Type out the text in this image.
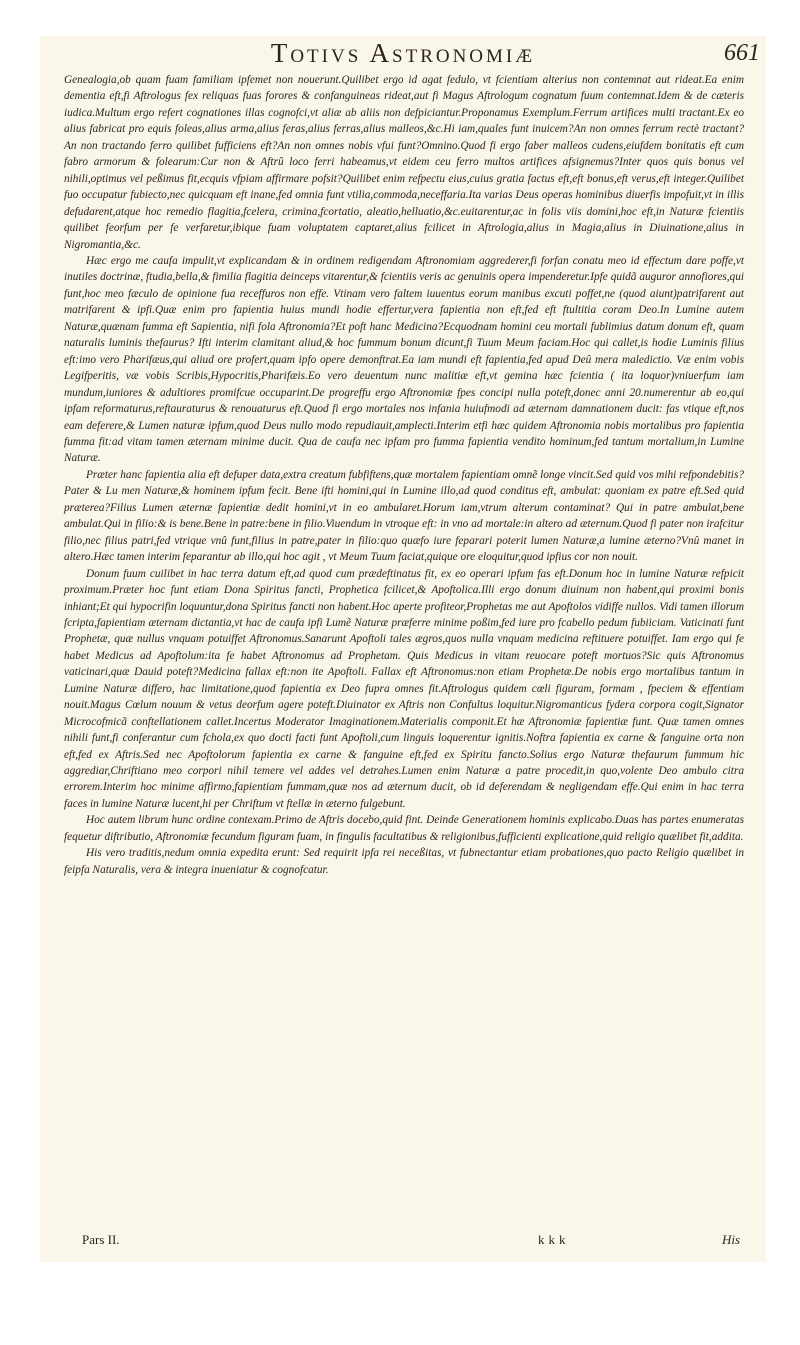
Totivs Astronomiæ	661

Genealogia,ob quam fuam familiam ipfemet non nouerunt.Quilibet ergo id agat fedulo, vt fcientiam alterius non contemnat aut rideat.Ea enim dementia eft,fi Aftrologus fex reliquas fuas forores & confanguineas rideat,aut fi Magus Aftrologum cognatum fuum contemnat.Idem & de cæteris iudica.Multum ergo refert cognationes illas cognofci,vt aliæ ab aliis non defpiciantur.Proponamus Exemplum.Ferrum artifices multi tractant.Ex eo alius fabricat pro equis foleas,alius arma,alius feras,alius ferras,alius malleos,&c.Hi iam,quales funt inuicem?An non omnes ferrum rectè tractant?An non tractando ferro quilibet fufficiens eft?An non omnes nobis vfui funt?Omnino.Quod fi ergo faber malleos cudens,eiufdem bonitatis eft cum fabro armorum & folearum:Cur non & Aftrû loco ferri habeamus,vt eidem ceu ferro multos artifices afsignemus?Inter quos quis bonus vel nihili,optimus vel peßimus fit,ecquis vfpiam affirmare pofsit?Quilibet enim refpectu eius,cuius gratia factus eft,eft bonus,eft verus,eft integer.Quilibet fuo occupatur fubiecto,nec quicquam eft inane,fed omnia funt vtilia,commoda,neceffaria.Ita varias Deus operas hominibus diuerfis impofuit,vt in illis defudarent,atque hoc remedio flagitia,fcelera, crimina,fcortatio, aleatio,helluatio,&c.euitarentur,ac in folis viis domini,hoc eft,in Naturæ fcientiis quilibet feorfum per fe verfaretur,ibique fuam voluptatem captaret,alius fcilicet in Aftrologia,alius in Magia,alius in Diuinatione,alius in Nigromantia,&c.

Hæc ergo me caufa impulit,vt explicandam & in ordinem redigendam Aftronomiam aggrederer,fi forfan conatu meo id effectum dare poffe,vt inutiles doctrinæ, ftudia,bella,& fimilia flagitia deinceps vitarentur,& fcientiis veris ac genuinis opera impenderetur.Ipfe quidã auguror annofiores,qui funt,hoc meo fæculo de opinione fua receffuros non effe. Vtinam vero faltem iuuentus eorum manibus excuti poffet,ne (quod aiunt)patrifarent aut matrifarent & ipfi.Quæ enim pro fapientia huius mundi hodie effertur,vera fapientia non eft,fed eft ftultitia coram Deo.In Lumine autem Naturæ,quænam fumma eft Sapientia, nifi fola Aftronomia?Et poft hanc Medicina?Ecquodnam homini ceu mortali fublimius datum donum eft, quam naturalis luminis thefaurus? Ifti interim clamitant aliud,& hoc fummum bonum dicunt,fi Tuum Meum faciam.Hoc qui callet,is hodie Luminis filius eft:imo vero Pharifæus,qui aliud ore profert,quam ipfo opere demonftrat.Ea iam mundi eft fapientia,fed apud Deû mera maledictio. Væ enim vobis Legifperitis, væ vobis Scribis,Hypocritis,Pharifæis.Eo vero deuentum nunc malitiæ eft,vt gemina hæc fcientia ( ita loquor)vniuerfum iam mundum,iuniores & adultiores promifcue occuparint.De progreffu ergo Aftronomiæ fpes concipi nulla poteft,donec anni 20.numerentur ab eo,qui ipfam reformaturus,reftauraturus & renouaturus eft.Quod fi ergo mortales nos infania huiufmodi ad æternam damnationem ducit: fas vtique eft,nos eam deferere,& Lumen naturæ ipfum,quod Deus nullo modo repudiauit,amplecti.Interim etfi hæc quidem Aftronomia nobis mortalibus pro fapientia fumma fit:ad vitam tamen æternam minime ducit. Qua de caufa nec ipfam pro fumma fapientia vendito hominum,fed tantum mortalium,in Lumine Naturæ.

Præter hanc fapientia alia eft defuper data,extra creatum fubfiftens,quæ mortalem fapientiam omnẽ longe vincit.Sed quid vos mihi refpondebitis?Pater & Lu men Naturæ,& hominem ipfum fecit. Bene ifti homini,qui in Lumine illo,ad quod conditus eft, ambulat: quoniam ex patre eft.Sed quid præterea?Filius Lumen æternæ fapientiæ dedit homini,vt in eo ambularet.Horum iam,vtrum alterum contaminat? Qui in patre ambulat,bene ambulat.Qui in filio:& is bene.Bene in patre:bene in filio.Viuendum in vtroque eft: in vno ad mortale:in altero ad æternum.Quod fi pater non irafcitur filio,nec filius patri,fed vtrique vnû funt,filius in patre,pater in filio:quo quæfo iure feparari poterit lumen Naturæ,a lumine æterno?Vnû manet in altero.Hæc tamen interim feparantur ab illo,qui hoc agit , vt Meum Tuum faciat,quique ore eloquitur,quod ipfius cor non nouit.

Donum fuum cuilibet in hac terra datum eft,ad quod cum prædeftinatus fit, ex eo operari ipfum fas eft.Donum hoc in lumine Naturæ refpicit proximum.Præter hoc funt etiam Dona Spiritus fancti, Prophetica fcilicet,& Apoftolica.Illi ergo donum diuinum non habent,qui proximi bonis inhiant;Et qui hypocrifin loquuntur,dona Spiritus fancti non habent.Hoc aperte profiteor,Prophetas me aut Apoftolos vidiffe nullos. Vidi tamen illorum fcripta,fapientiam æternam dictantia,vt hac de caufa ipfi Lumẽ Naturæ præferre minime poßim,fed iure pro fcabello pedum fubiiciam. Vaticinati funt Prophetæ, quæ nullus vnquam potuiffet Aftronomus.Sanarunt Apoftoli tales ægros,quos nulla vnquam medicina reftituere potuiffet. Iam ergo qui fe habet Medicus ad Apoftolum:ita fe habet Aftronomus ad Prophetam. Quis Medicus in vitam reuocare poteft mortuos?Sic quis Aftronomus vaticinari,quæ Dauid poteft?Medicina fallax eft:non ite Apoftoli. Fallax eft Aftronomus:non etiam Prophetæ.De nobis ergo mortalibus tantum in Lumine Naturæ differo, hac limitatione,quod fapientia ex Deo fupra omnes fit.Aftrologus quidem cœli figuram, formam , fpeciem & effentiam nouit.Magus Cœlum nouum & vetus deorfum agere poteft.Diuinator ex Aftris non Confultus loquitur.Nigromanticus fydera corpora cogit,Signator Microcofmicã conftellationem callet.Incertus Moderator Imaginationem.Materialis componit.Et hæ Aftronomiæ fapientiæ funt. Quæ tamen omnes nihili funt,fi conferantur cum fchola,ex quo docti facti funt Apoftoli,cum linguis loquerentur ignitis.Noftra fapientia ex carne & fanguine orta non eft,fed ex Aftris.Sed nec Apoftolorum fapientia ex carne & fanguine eft,fed ex Spiritu fancto.Solius ergo Naturæ thefaurum fummum hic aggrediar,Chriftiano meo corpori nihil temere vel addes vel detrahes.Lumen enim Naturæ a patre procedit,in quo,volente Deo ambulo citra errorem.Interim hoc minime affirmo,fapientiam fummam,quæ nos ad æternum ducit, ob id deferendam & negligendam effe.Qui enim in hac terra faces in lumine Naturæ lucent,hi per Chriftum vt ftellæ in æterno fulgebunt.

Hoc autem librum hunc ordine contexam.Primo de Aftris docebo,quid fint. Deinde Generationem hominis explicabo.Duas has partes enumeratas fequetur diftributio, Aftronomiæ fecundum figuram fuam, in fingulis facultatibus & religionibus,fufficienti explicatione,quid religio quælibet fit,addita.

His vero traditis,nedum omnia expedita erunt: Sed requirit ipfa rei neceßitas, vt fubnectantur etiam probationes,quo pacto Religio quælibet in feipfa Naturalis, vera & integra inueniatur & cognofcatur.

Pars II.	kkk	His
